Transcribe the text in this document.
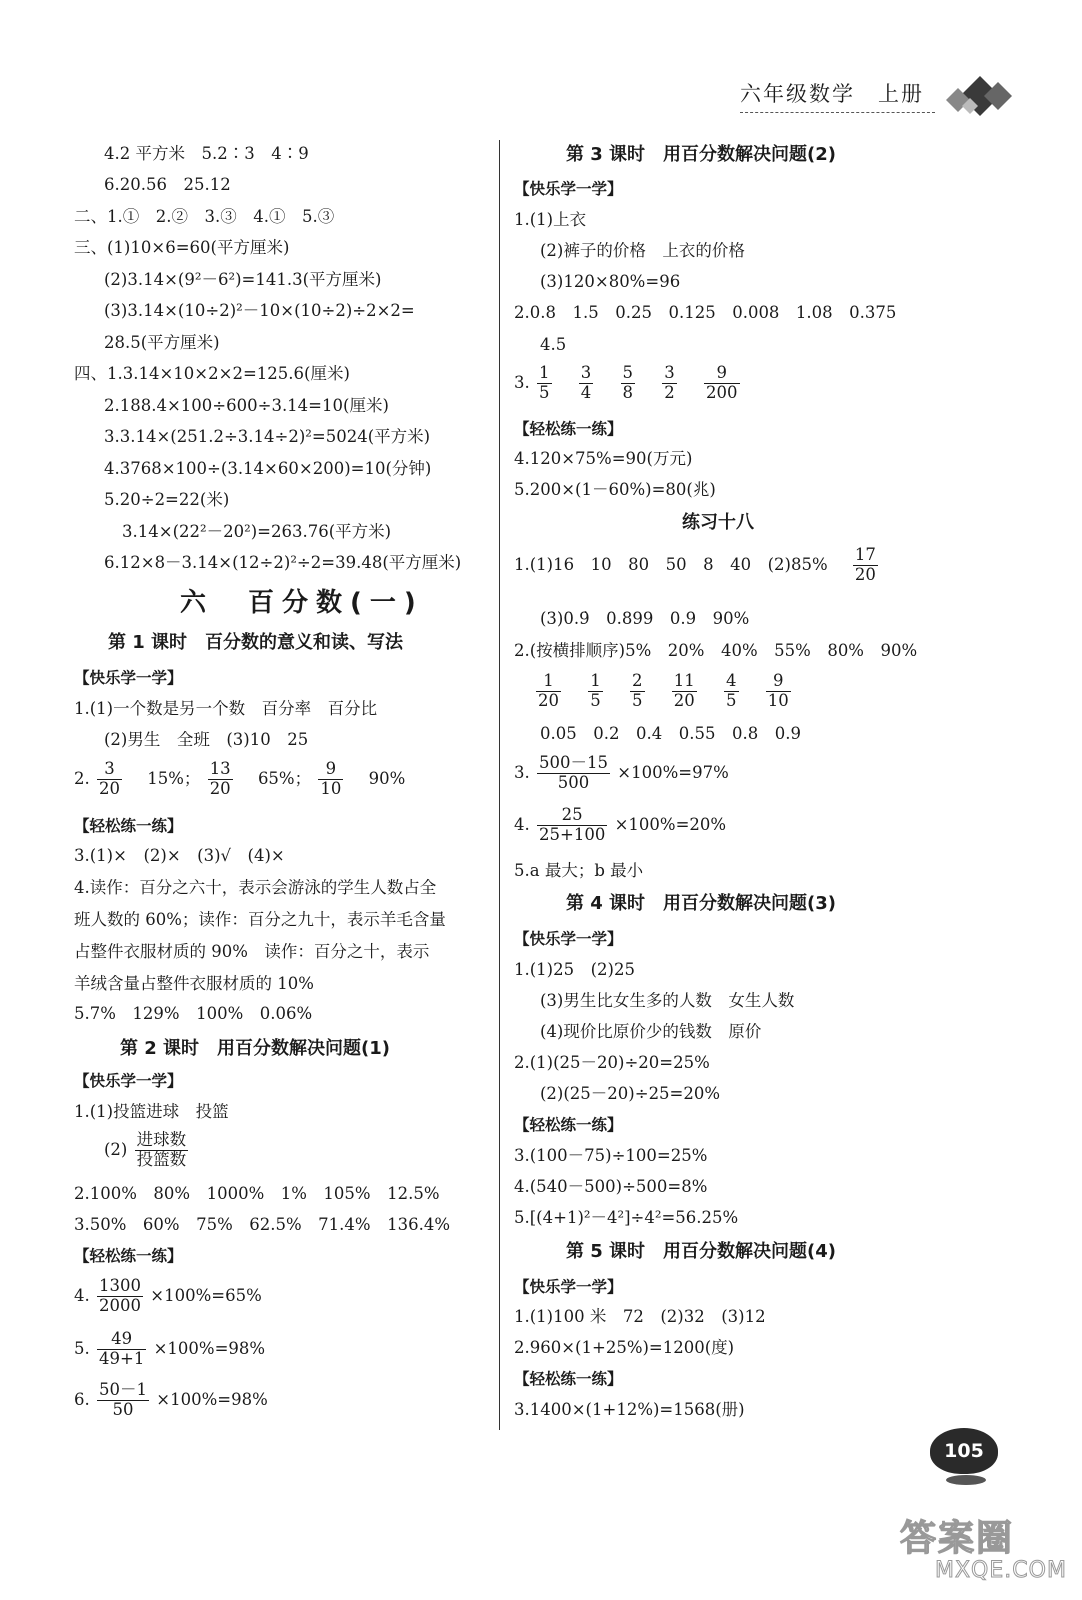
六年级数学　上册
4.2 平方米　5.2∶3　4∶9
6.20.56　25.12
二、1.①　2.②　3.③　4.①　5.③
三、(1)10×6=60(平方厘米)
(2)3.14×(9²－6²)=141.3(平方厘米)
(3)3.14×(10÷2)²－10×(10÷2)÷2×2=
28.5(平方厘米)
四、1.3.14×10×2×2=125.6(厘米)
2.188.4×100÷600÷3.14=10(厘米)
3.3.14×(251.2÷3.14÷2)²=5024(平方米)
4.3768×100÷(3.14×60×200)=10(分钟)
5.20÷2=22(米)
3.14×(22²－20²)=263.76(平方米)
6.12×8－3.14×(12÷2)²÷2=39.48(平方厘米)
六　百分数(一)
第 1 课时　百分数的意义和读、写法
【快乐学一学】
1.(1)一个数是另一个数　百分率　百分比
(2)男生　全班　(3)10　25
2. $\frac{3}{20} 15\%$； $\frac{13}{20} 65\%$； $\frac{9}{10} 90\%$
【轻松练一练】
3.(1)×　(2)×　(3)√　(4)×
4.读作：百分之六十，表示会游泳的学生人数占全
班人数的 60%；读作：百分之九十，表示羊毛含量
占整件衣服材质的 90%　读作：百分之十，表示
羊绒含量占整件衣服材质的 10%
5.7%　129%　100%　0.06%
第 2 课时　用百分数解决问题(1)
【快乐学一学】
1.(1)投篮进球　投篮
$(2) \frac{\text{进球数}}{\text{投篮数}}$
2.100%　80%　1000%　1%　105%　12.5%
3.50%　60%　75%　62.5%　71.4%　136.4%
【轻松练一练】
4. $\frac{1300}{2000} \times 100\%=65\%$
5. $\frac{49}{49+1} \times 100\%=98\%$
6. $\frac{50-1}{50} \times 100\%=98\%$
第 3 课时　用百分数解决问题(2)
【快乐学一学】
1.(1)上衣
(2)裤子的价格　上衣的价格
(3)120×80%=96
2.0.8　1.5　0.25　0.125　0.008　1.08　0.375
4.5
3. $\frac{1}{5}$
$\frac{3}{4}$
$\frac{5}{8}$
$\frac{3}{2}$
$\frac{9}{200}$
【轻松练一练】
4.120×75%=90(万元)
5.200×(1－60%)=80(兆)
练习十八
1.(1)16　10　80　50　8　40　$(2)85\% \frac{17}{20}$
(3)0.9̇　0.899　0.9　90%
2.(按横排顺序)5%　20%　40%　55%　80%　90%
$\frac{1}{20}$
$\frac{1}{5}$
$\frac{2}{5}$
$\frac{11}{20}$
$\frac{4}{5}$
$\frac{9}{10}$
0.05　0.2　0.4　0.55　0.8　0.9
3. $\frac{500-15}{500} \times 100\%=97\%$
4. $\frac{25}{25+100} \times 100\%=20\%$
5.a 最大；b 最小
第 4 课时　用百分数解决问题(3)
【快乐学一学】
1.(1)25　(2)25
(3)男生比女生多的人数　女生人数
(4)现价比原价少的钱数　原价
2.(1)(25－20)÷20=25%
(2)(25－20)÷25=20%
【轻松练一练】
3.(100－75)÷100=25%
4.(540－500)÷500=8%
5.[(4+1)²－4²]÷4²=56.25%
第 5 课时　用百分数解决问题(4)
【快乐学一学】
1.(1)100 米　72　(2)32　(3)12
2.960×(1+25%)=1200(度)
【轻松练一练】
3.1400×(1+12%)=1568(册)
105
答案圈
MXQE.COM
